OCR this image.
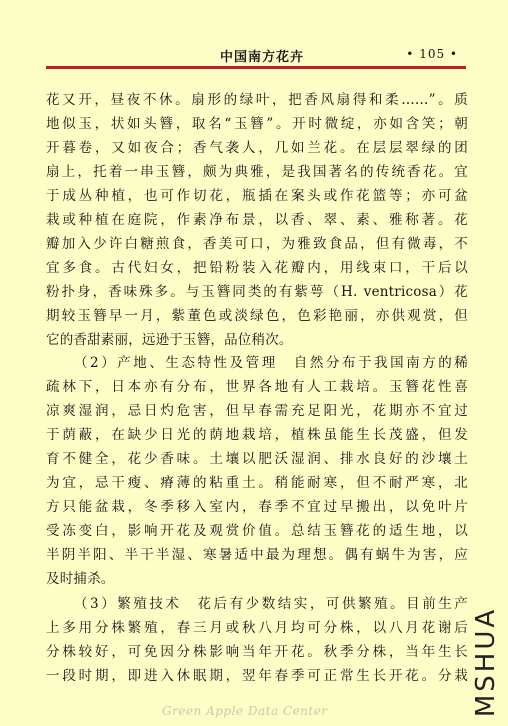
中国南方花卉	• 105 •
花又开，昼夜不休。扇形的绿叶，把香风扇得和柔……”。质
地似玉，状如头簪，取名“玉簪”。开时微绽，亦如含笑；朝
开暮卷，又如夜合；香气袭人，几如兰花。在层层翠绿的团
扇上，托着一串玉簪，颇为典雅，是我国著名的传统香花。宜
于成丛种植，也可作切花，瓶插在案头或作花篮等；亦可盆
栽或种植在庭院，作素净布景，以香、翠、素、雅称著。花
瓣加入少许白糖煎食，香美可口，为雅致食品，但有微毒，不
宜多食。古代妇女，把铅粉装入花瓣内，用线束口，干后以
粉扑身，香味殊多。与玉簪同类的有紫萼（H. ventricosa）花
期较玉簪早一月，紫董色或淡绿色，色彩艳丽，亦供观赏，但
它的香甜素丽，远逊于玉簪，品位稍次。
（2）产地、生态特性及管理　自然分布于我国南方的稀
疏林下，日本亦有分布，世界各地有人工栽培。玉簪花性喜
凉爽湿润，忌日灼危害，但早春需充足阳光，花期亦不宜过
于荫蔽，在缺少日光的荫地栽培，植株虽能生长茂盛，但发
育不健全，花少香味。土壤以肥沃湿润、排水良好的沙壤土
为宜，忌干瘦、瘠薄的粘重土。稍能耐寒，但不耐严寒，北
方只能盆栽，冬季移入室内，春季不宜过早搬出，以免叶片
受冻变白，影响开花及观赏价值。总结玉簪花的适生地，以
半阴半阳、半干半湿、寒暑适中最为理想。偶有蜗牛为害，应
及时捕杀。
（3）繁殖技术　花后有少数结实，可供繁殖。目前生产
上多用分株繁殖，春三月或秋八月均可分株，以八月花谢后
分株较好，可免因分株影响当年开花。秋季分株，当年生长
一段时期，即进入休眠期，翌年春季可正常生长开花。分栽 MSHUA
Green Apple Data Center
